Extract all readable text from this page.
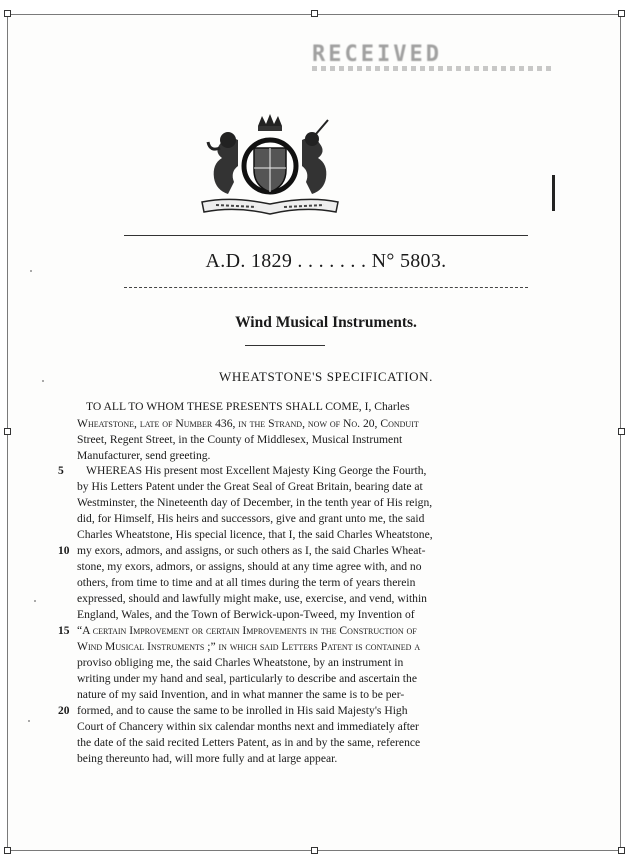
RECEIVED
A.D. 1829 . . . . . . . N° 5803.
Wind Musical Instruments.
WHEATSTONE'S SPECIFICATION.
TO ALL TO WHOM THESE PRESENTS SHALL COME, I, Charles
Wheatstone, late of Number 436, in the Strand, now of No. 20, Conduit
Street, Regent Street, in the County of Middlesex, Musical Instrument
Manufacturer, send greeting.
WHEREAS His present most Excellent Majesty King George the Fourth,
by His Letters Patent under the Great Seal of Great Britain, bearing date at
Westminster, the Nineteenth day of December, in the tenth year of His reign,
did, for Himself, His heirs and successors, give and grant unto me, the said
Charles Wheatstone, His special licence, that I, the said Charles Wheatstone,
my exors, admors, and assigns, or such others as I, the said Charles Wheat-
stone, my exors, admors, or assigns, should at any time agree with, and no
others, from time to time and at all times during the term of years therein
expressed, should and lawfully might make, use, exercise, and vend, within
England, Wales, and the Town of Berwick-upon-Tweed, my Invention of
“A certain Improvement or certain Improvements in the Construction of
Wind Musical Instruments ;” in which said Letters Patent is contained a
proviso obliging me, the said Charles Wheatstone, by an instrument in
writing under my hand and seal, particularly to describe and ascertain the
nature of my said Invention, and in what manner the same is to be per-
formed, and to cause the same to be inrolled in His said Majesty's High
Court of Chancery within six calendar months next and immediately after
the date of the said recited Letters Patent, as in and by the same, reference
being thereunto had, will more fully and at large appear.
5
10
15
20
